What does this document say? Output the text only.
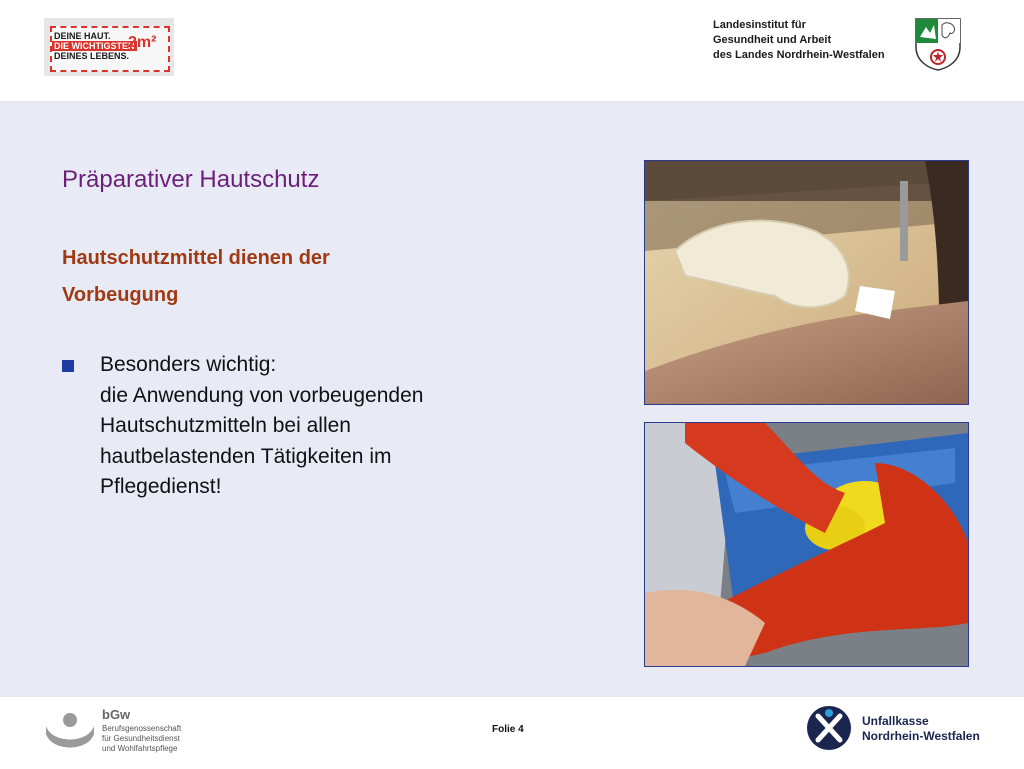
DEINE HAUT.
DIE WICHTIGSTEN
DEINES LEBENS.
2m²
Landesinstitut für
Gesundheit und Arbeit
des Landes Nordrhein-Westfalen
Präparativer Hautschutz
Hautschutzmittel dienen der
Vorbeugung
Besonders wichtig:
die Anwendung von vorbeugenden
Hautschutzmitteln bei allen
hautbelastenden Tätigkeiten im
Pflegedienst!
bGw
Berufsgenossenschaft
für Gesundheitsdienst
und Wohlfahrtspflege
Folie 4
Unfallkasse
Nordrhein-Westfalen
